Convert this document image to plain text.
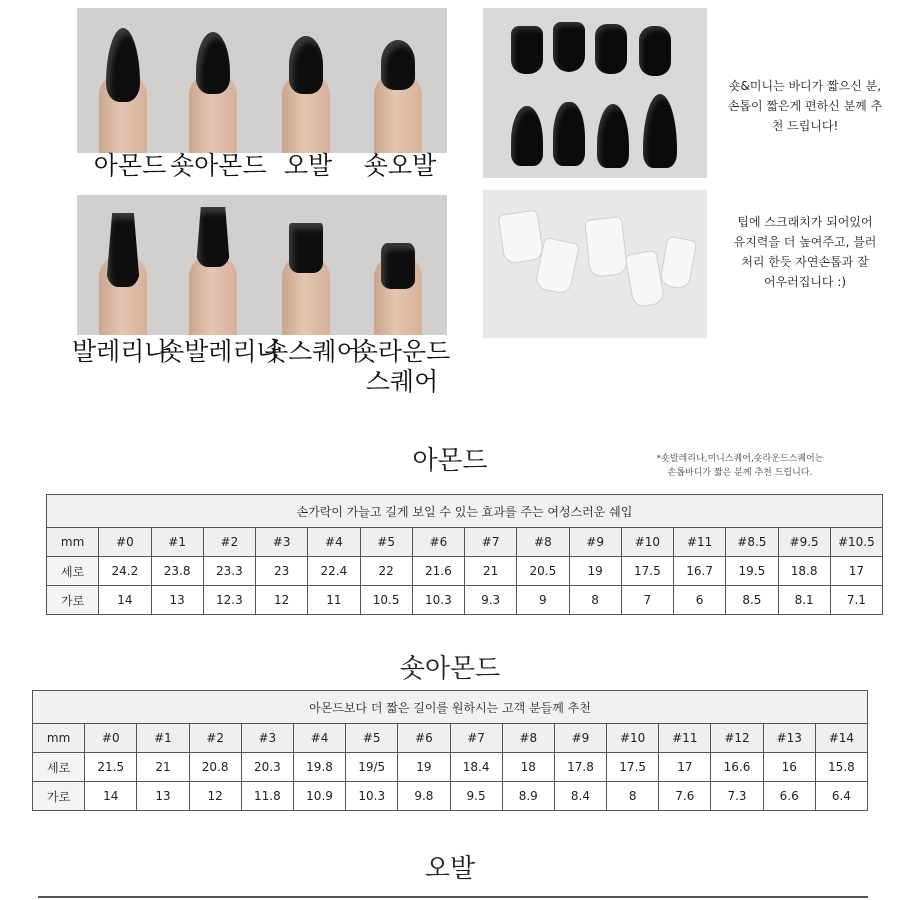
아몬드 숏아몬드 오발	숏오발
발레리나
숏발레리나
숏스퀘어
숏라운드
스퀘어
숏&미니는 바디가 짧으신 분,
손톱이 짧은게 편하신 분께 추
천 드립니다!
팁에 스크래치가 되어있어
유지력을 더 높여주고, 블러
처리 한듯 자연손톱과 잘
어우러집니다 :)
아몬드	*숏발레리나,미니스퀘어,숏라운드스퀘어는
손톱바디가 짧은 분께 추천 드립니다.
손가락이 가늘고 길게 보일 수 있는 효과를 주는 여성스러운 쉐입															
mm	#0	#1	#2	#3	#4	#5	#6	#7	#8	#9	#10	#11	#8.5	#9.5	#10.5
세로	24.2	23.8	23.3	23	22.4	22	21.6	21	20.5	19	17.5	16.7	19.5	18.8	17
가로	14	13	12.3	12	11	10.5	10.3	9.3	9	8	7	6	8.5	8.1	7.1
숏아몬드
아몬드보다 더 짧은 길이를 원하시는 고객 분들께 추천															
mm	#0	#1	#2	#3	#4	#5	#6	#7	#8	#9	#10	#11	#12	#13	#14
세로	21.5	21	20.8	20.3	19.8	19/5	19	18.4	18	17.8	17.5	17	16.6	16	15.8
가로	14	13	12	11.8	10.9	10.3	9.8	9.5	8.9	8.4	8	7.6	7.3	6.6	6.4
오발
